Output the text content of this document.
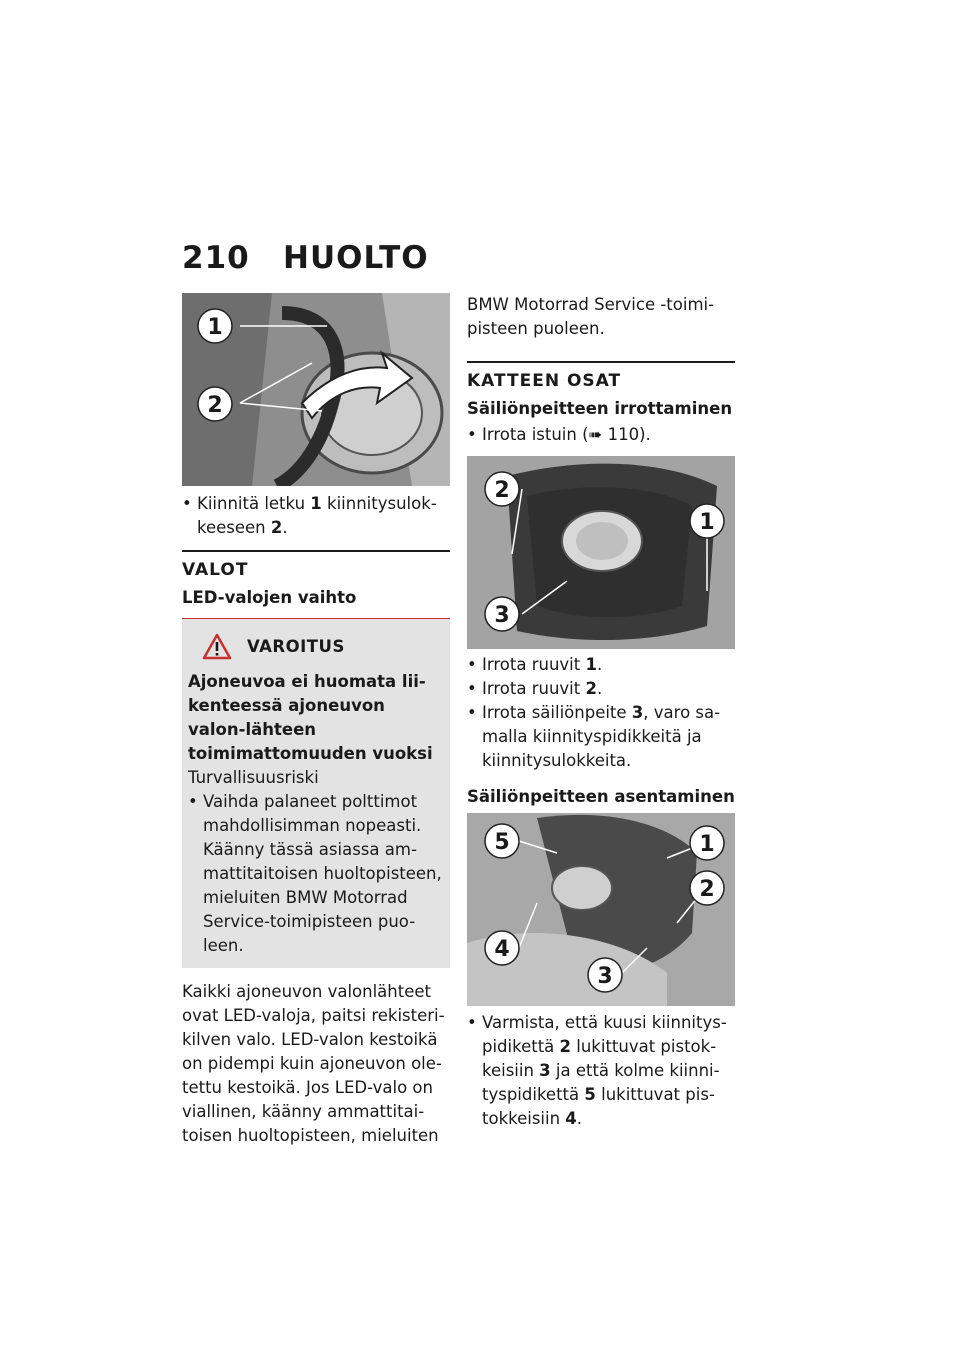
210 HUOLTO
1
2

• Kiinnitä letku 1 kiinnitysulok-keeseen 2.

VALOT
LED-valojen vaihto
VAROITUS

Ajoneuvoa ei huomata lii-kenteessä ajoneuvon valon-lähteen toimimattomuuden vuoksi

Turvallisuusriski

• Vaihda palaneet polttimot mahdollisimman nopeasti. Käänny tässä asiassa am-mattitaitoisen huoltopisteen, mieluiten BMW Motorrad Service-toimipisteen puo-leen.

Kaikki ajoneuvon valonlähteet ovat LED-valoja, paitsi rekisteri-kilven valo. LED-valon kestoikä on pidempi kuin ajoneuvon ole-tettu kestoikä. Jos LED-valo on viallinen, käänny ammattitai-toisen huoltopisteen, mieluiten

BMW Motorrad Service -toimi-pisteen puoleen.

KATTEEN OSAT
Säiliönpeitteen irrottaminen

• Irrota istuin (➠ 110).

2
1
3

• Irrota ruuvit 1.

• Irrota ruuvit 2.

• Irrota säiliönpeite 3, varo sa-malla kiinnityspidikkeitä ja kiinnitysulokkeita.

Säiliönpeitteen asentaminen
5	1
2
4
3

• Varmista, että kuusi kiinnitys-pidikettä 2 lukittuvat pistok-keisiin 3 ja että kolme kiinni-tyspidikettä 5 lukittuvat pis-tokkeisiin 4.
